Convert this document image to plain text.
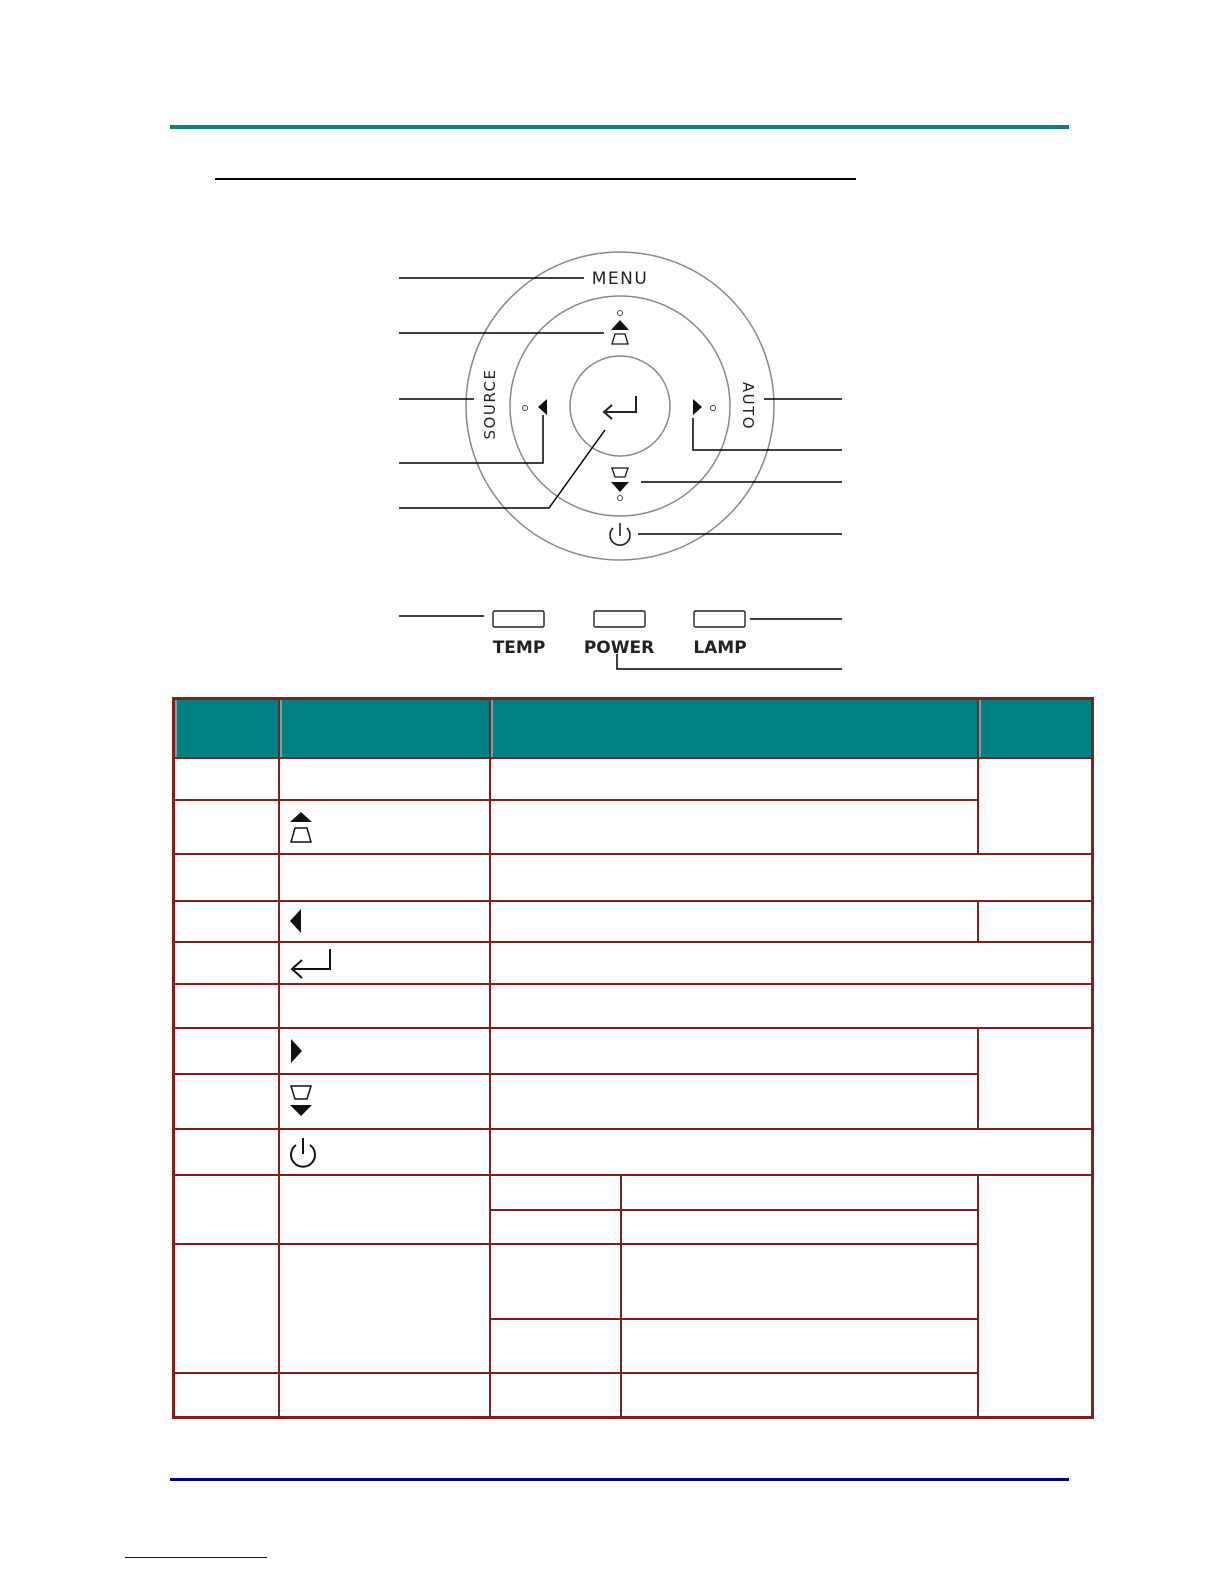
MENU
SOURCE	AUTO
TEMP POWER LAMP
